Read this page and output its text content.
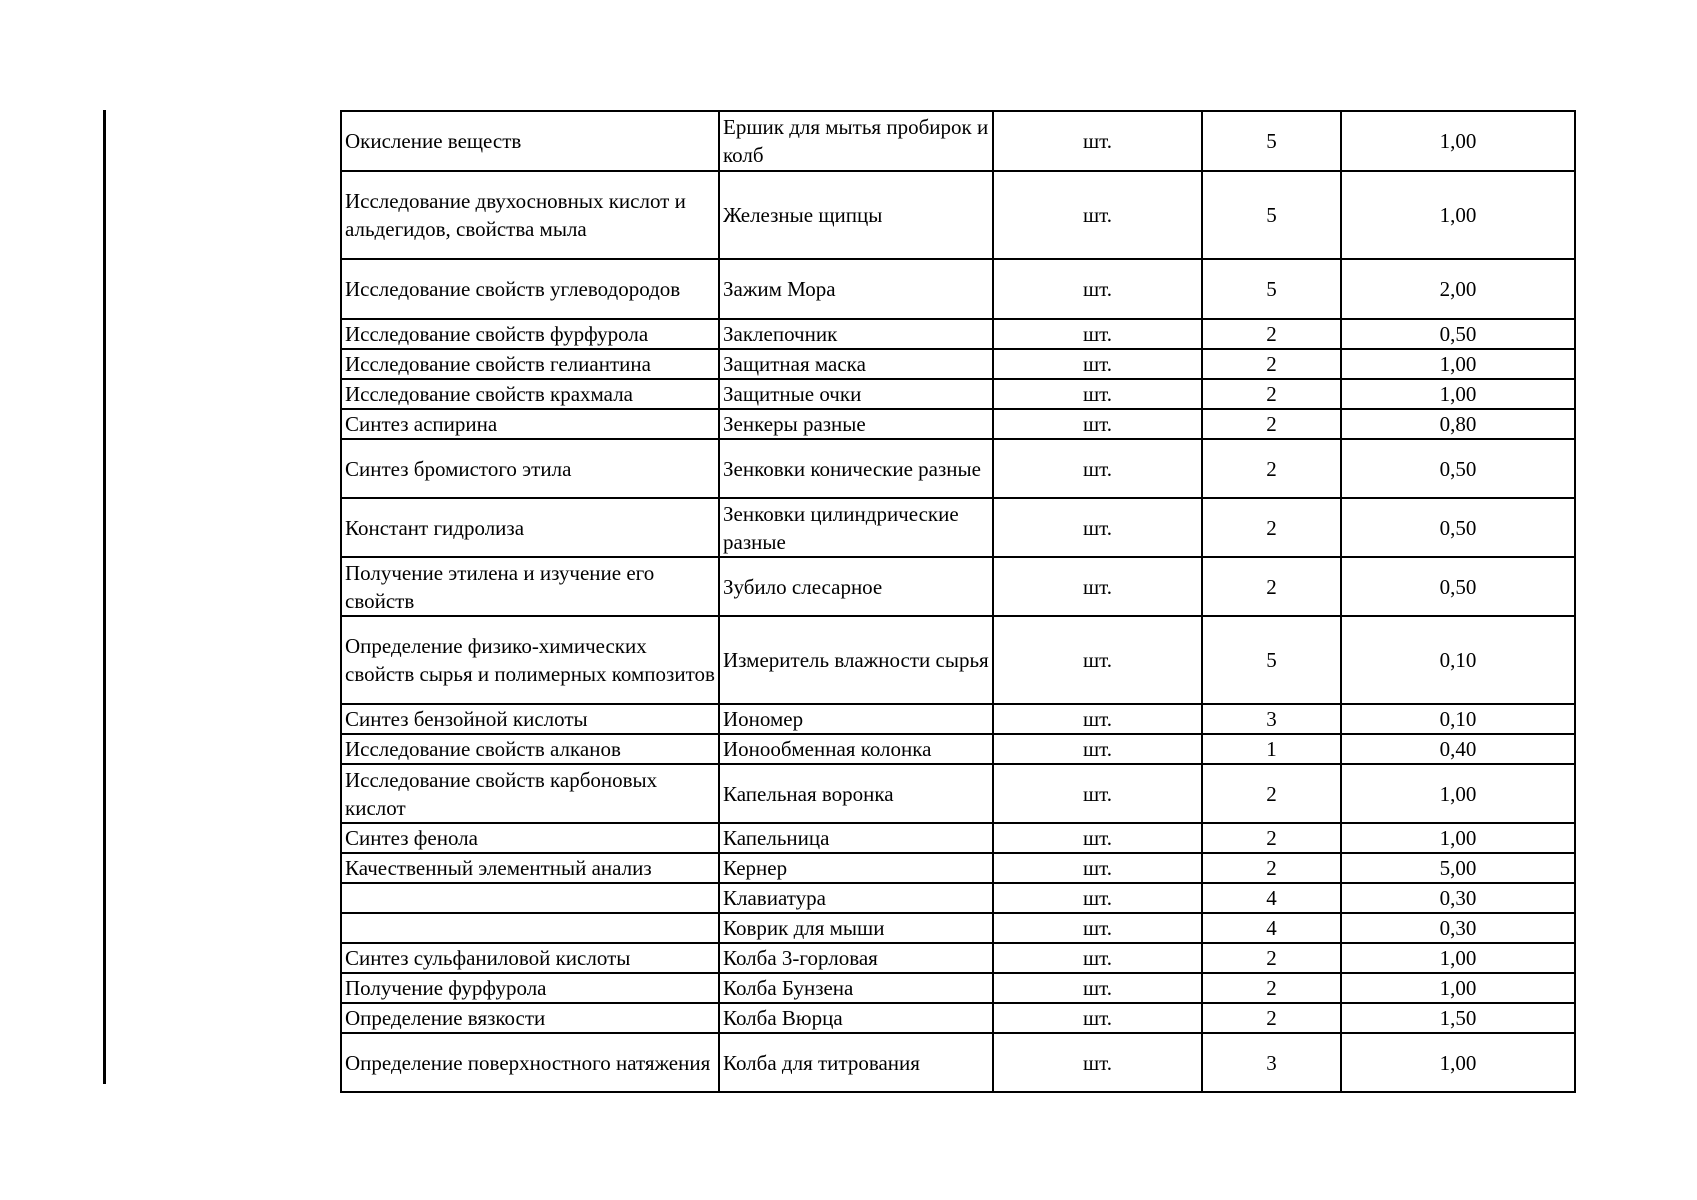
Окисление веществ	Ершик для мытья пробирок и колб	шт.	5	1,00
Исследование двухосновных кислот и альдегидов, свойства мыла	Железные щипцы	шт.	5	1,00
Исследование свойств углеводородов	Зажим Мора	шт.	5	2,00
Исследование свойств фурфурола	Заклепочник	шт.	2	0,50
Исследование свойств гелиантина	Защитная маска	шт.	2	1,00
Исследование свойств крахмала	Защитные очки	шт.	2	1,00
Синтез аспирина	Зенкеры разные	шт.	2	0,80
Синтез бромистого этила	Зенковки конические разные	шт.	2	0,50
Констант гидролиза	Зенковки цилиндрические разные	шт.	2	0,50
Получение этилена и изучение его свойств	Зубило слесарное	шт.	2	0,50
Определение физико-химических свойств сырья и полимерных композитов	Измеритель влажности сырья	шт.	5	0,10
Синтез бензойной кислоты	Иономер	шт.	3	0,10
Исследование свойств алканов	Ионообменная колонка	шт.	1	0,40
Исследование свойств карбоновых кислот	Капельная воронка	шт.	2	1,00
Синтез фенола	Капельница	шт.	2	1,00
Качественный элементный анализ	Кернер	шт.	2	5,00
	Клавиатура	шт.	4	0,30
	Коврик для мыши	шт.	4	0,30
Синтез сульфаниловой кислоты	Колба 3-горловая	шт.	2	1,00
Получение фурфурола	Колба Бунзена	шт.	2	1,00
Определение вязкости	Колба Вюрца	шт.	2	1,50
Определение поверхностного натяжения	Колба для титрования	шт.	3	1,00
